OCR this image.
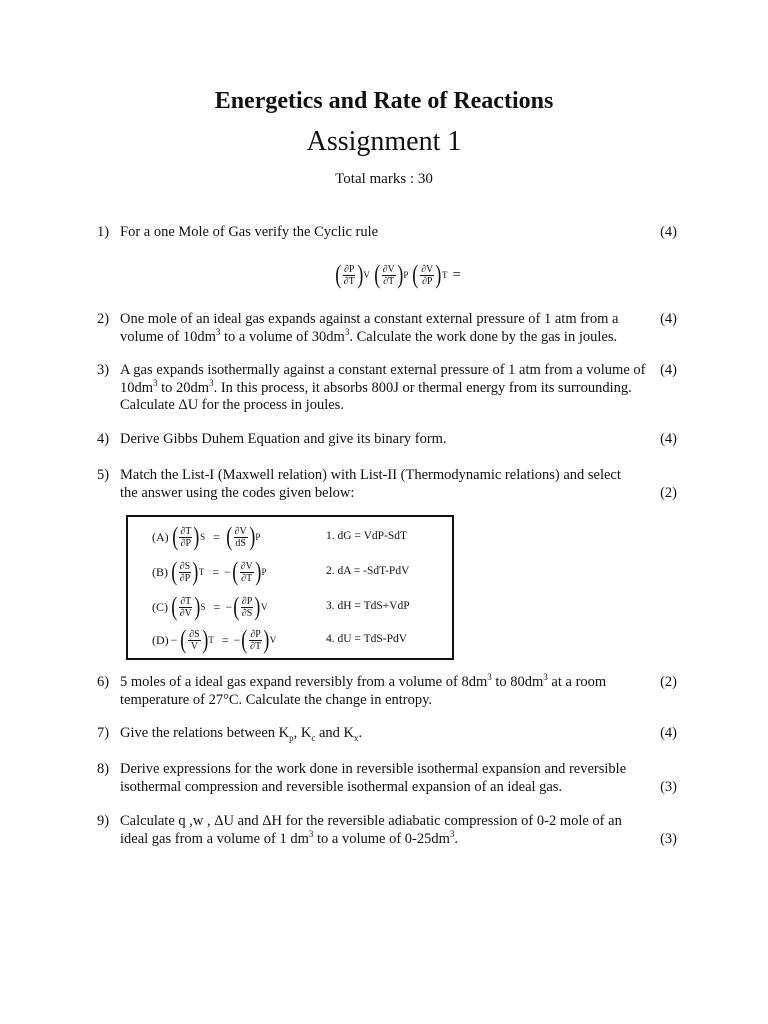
Energetics and Rate of Reactions
Assignment 1
Total marks : 30
1) For a one Mole of Gas verify the Cyclic rule	(4)
( $\frac{\partial P}{\partial T}$ ) V ( $\frac{\partial V}{\partial T}$ ) P ( $\frac{\partial V}{\partial P}$ ) T =
2) One mole of an ideal gas expands against a constant external pressure of 1 atm from a volume of $10dm^3$ to a volume of $30dm^3$. Calculate the work done by the gas in joules.
(4)
3) A gas expands isothermally against a constant external pressure of 1 atm from a volume of $10dm^3$ to $20dm^3$. In this process, it absorbs 800J or thermal energy from its surrounding. Calculate ΔU for the process in joules.
(4)
4) Derive Gibbs Duhem Equation and give its binary form.	(4)
5) Match the List-I (Maxwell relation) with List-II (Thermodynamic relations) and select the answer using the codes given below:	(2)
(A) ( $\frac{\partial T}{\partial P}$ ) S = ( $\frac{\partial V}{dS}$ ) P	1. dG = VdP-SdT
(B) ( $\frac{\partial S}{\partial P}$ ) T = − ( $\frac{\partial V}{\partial T}$ ) P	2. dA = -SdT-PdV
(C) ( $\frac{\partial T}{\partial V}$ ) S = − ( $\frac{\partial P}{\partial S}$ ) V	3. dH = TdS+VdP
(D) − ( $\frac{\partial S}{V}$ ) T = − ( $\frac{\partial P}{\partial T}$ ) V	4. dU = TdS-PdV
6) 5 moles of a ideal gas expand reversibly from a volume of $8dm^3$ to $80dm^3$ at a room temperature of 27°C. Calculate the change in entropy.
(2)
7) Give the relations between $K_p$, $K_c$ and $K_x$.	(4)
8) Derive expressions for the work done in reversible isothermal expansion and reversible isothermal compression and reversible isothermal expansion of an ideal gas.	(3)
9) Calculate q ,w , ΔU and ΔH for the reversible adiabatic compression of 0-2 mole of an ideal gas from a volume of 1 $dm^3$ to a volume of $0-25dm^3$.	(3)
